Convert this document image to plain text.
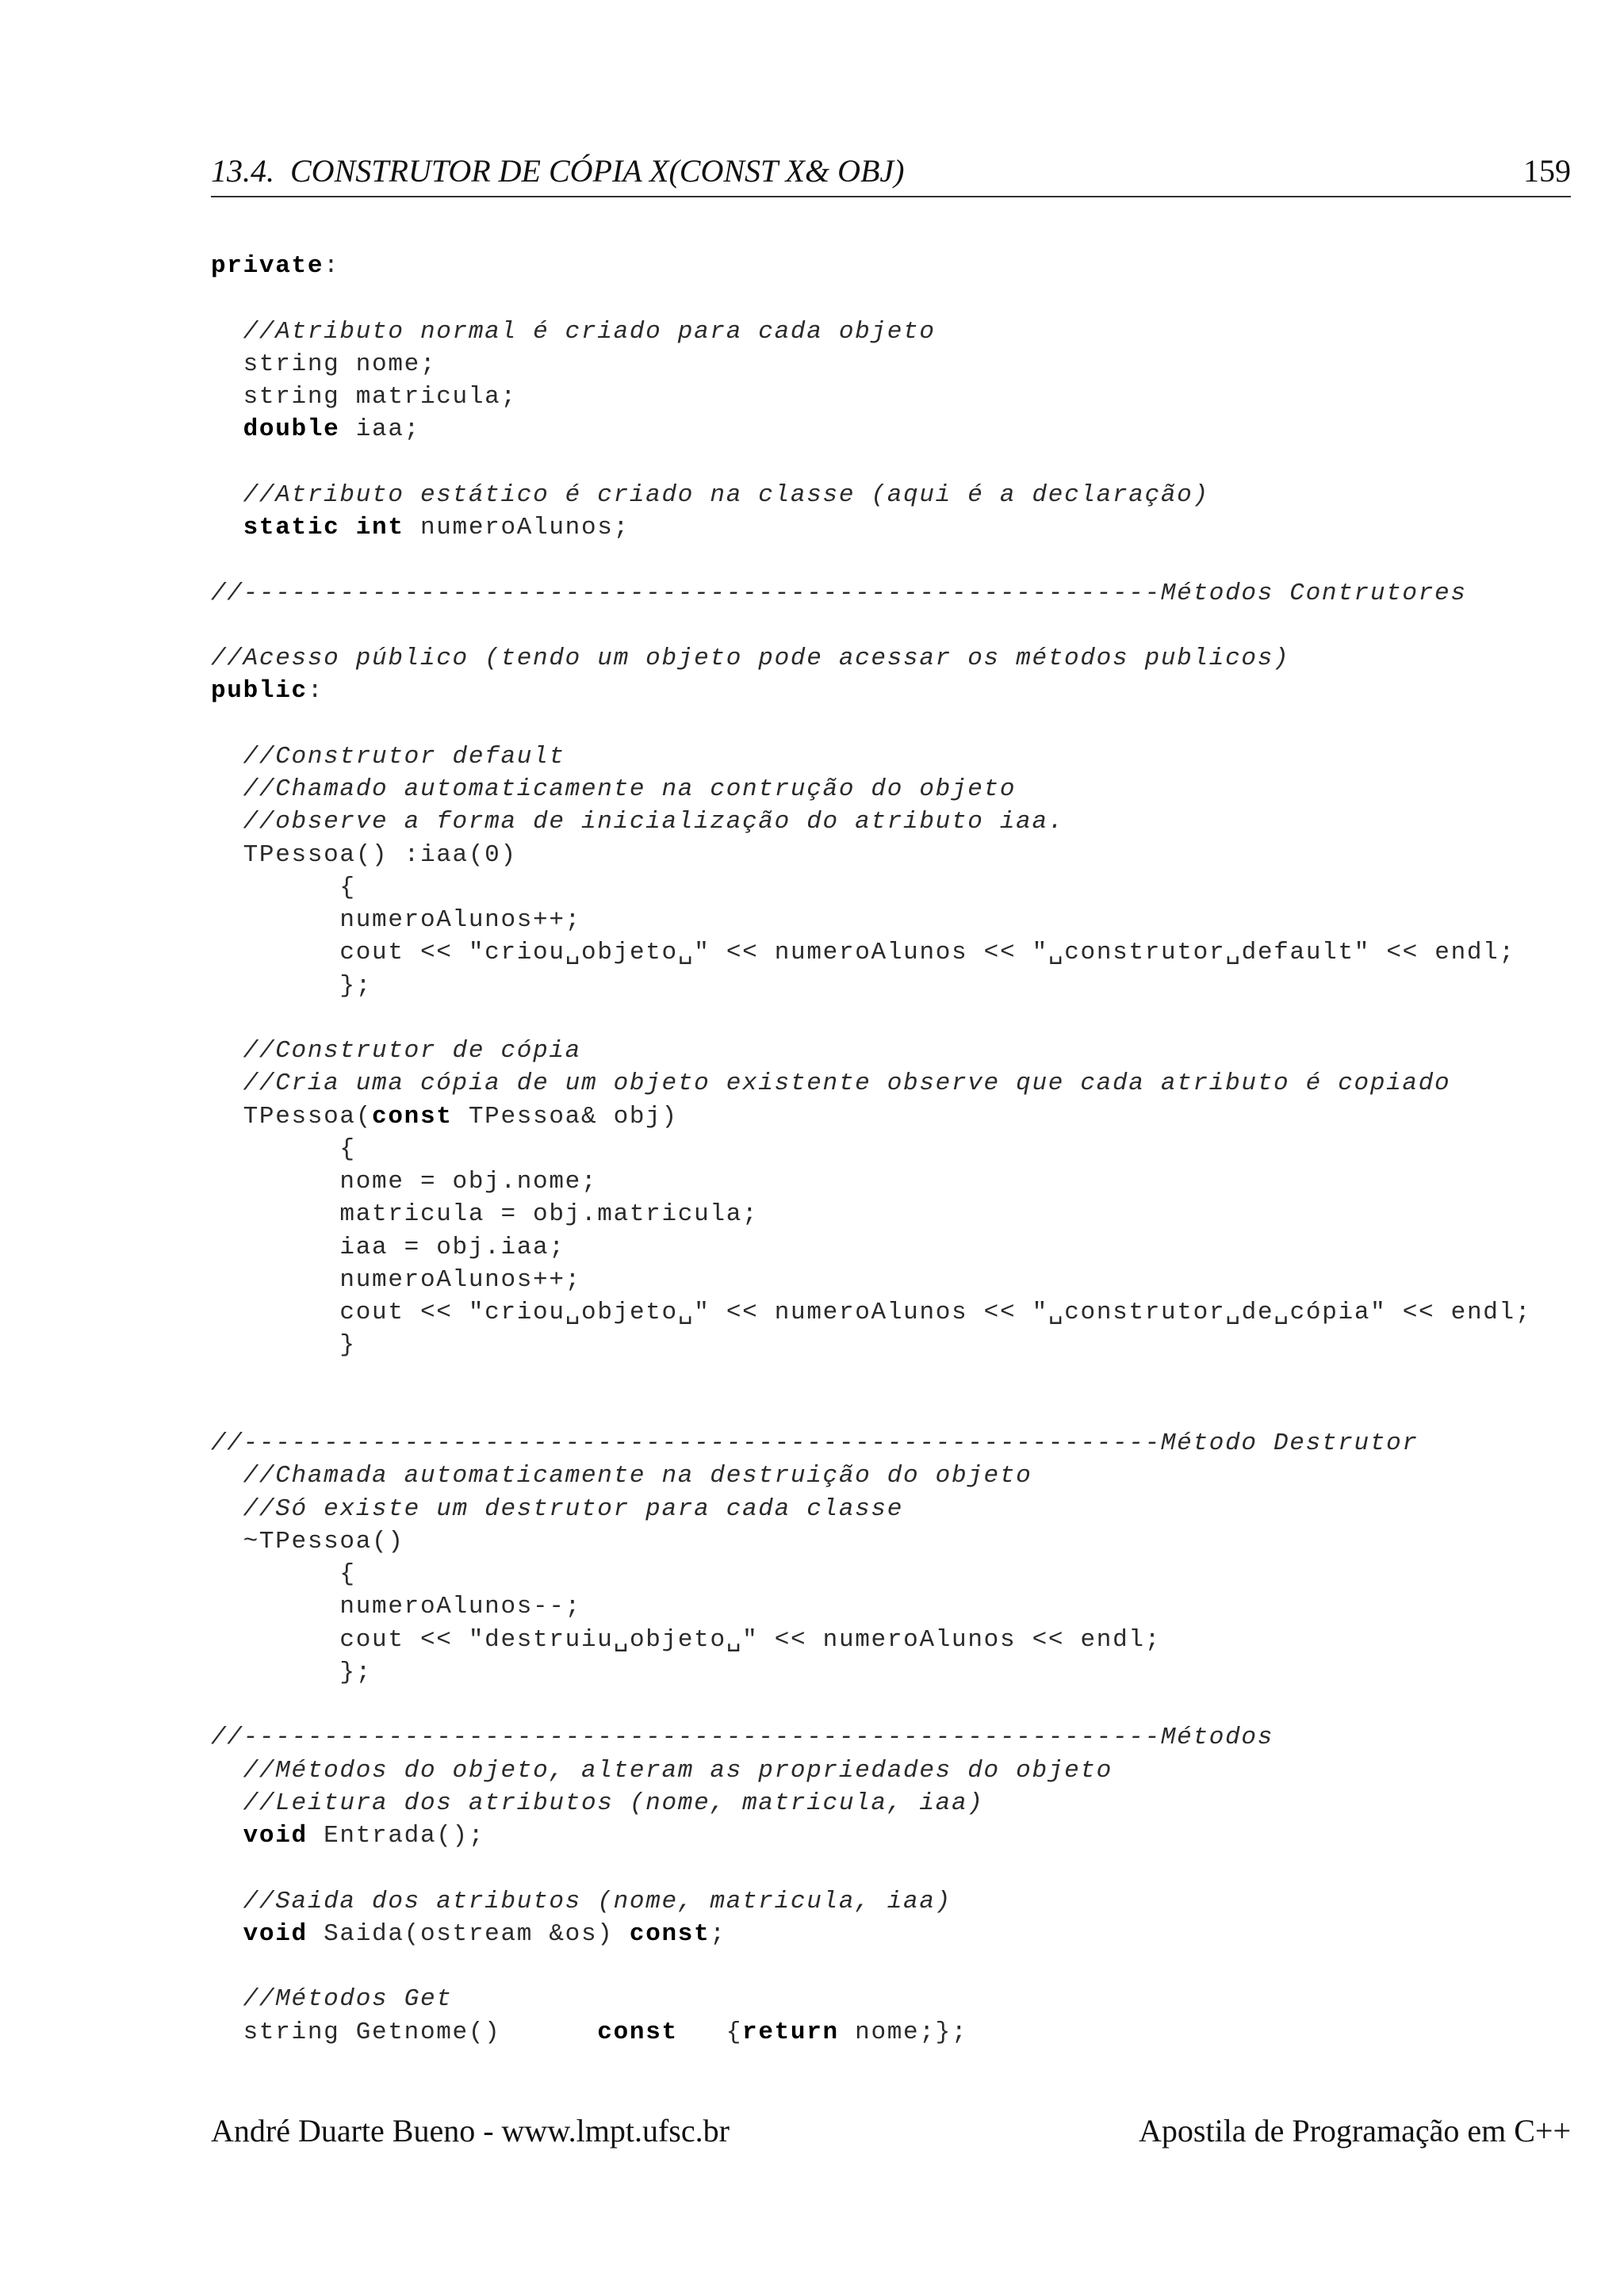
13.4.  CONSTRUTOR DE CÓPIA X(CONST X& OBJ)	159
private:
//Atributo normal é criado para cada objeto
string nome;
string matricula;
double iaa;
//Atributo estático é criado na classe (aqui é a declaração)
static int numeroAlunos;
//---------------------------------------------------------Métodos Contrutores
//Acesso público (tendo um objeto pode acessar os métodos publicos)
public:
//Construtor default
//Chamado automaticamente na contrução do objeto
//observe a forma de inicialização do atributo iaa.
TPessoa() :iaa(0)
{
numeroAlunos++;
cout << "criou␣objeto␣" << numeroAlunos << "␣construtor␣default" << endl;
};
//Construtor de cópia
//Cria uma cópia de um objeto existente observe que cada atributo é copiado
TPessoa(const TPessoa& obj)
{
nome = obj.nome;
matricula = obj.matricula;
iaa = obj.iaa;
numeroAlunos++;
cout << "criou␣objeto␣" << numeroAlunos << "␣construtor␣de␣cópia" << endl;
}
//---------------------------------------------------------Método Destrutor
//Chamada automaticamente na destruição do objeto
//Só existe um destrutor para cada classe
~TPessoa()
{
numeroAlunos--;
cout << "destruiu␣objeto␣" << numeroAlunos << endl;
};
//---------------------------------------------------------Métodos
//Métodos do objeto, alteram as propriedades do objeto
//Leitura dos atributos (nome, matricula, iaa)
void Entrada();
//Saida dos atributos (nome, matricula, iaa)
void Saida(ostream &os) const;
//Métodos Get
string Getnome()      const   {return nome;};
André Duarte Bueno - www.lmpt.ufsc.br	Apostila de Programação em C++
